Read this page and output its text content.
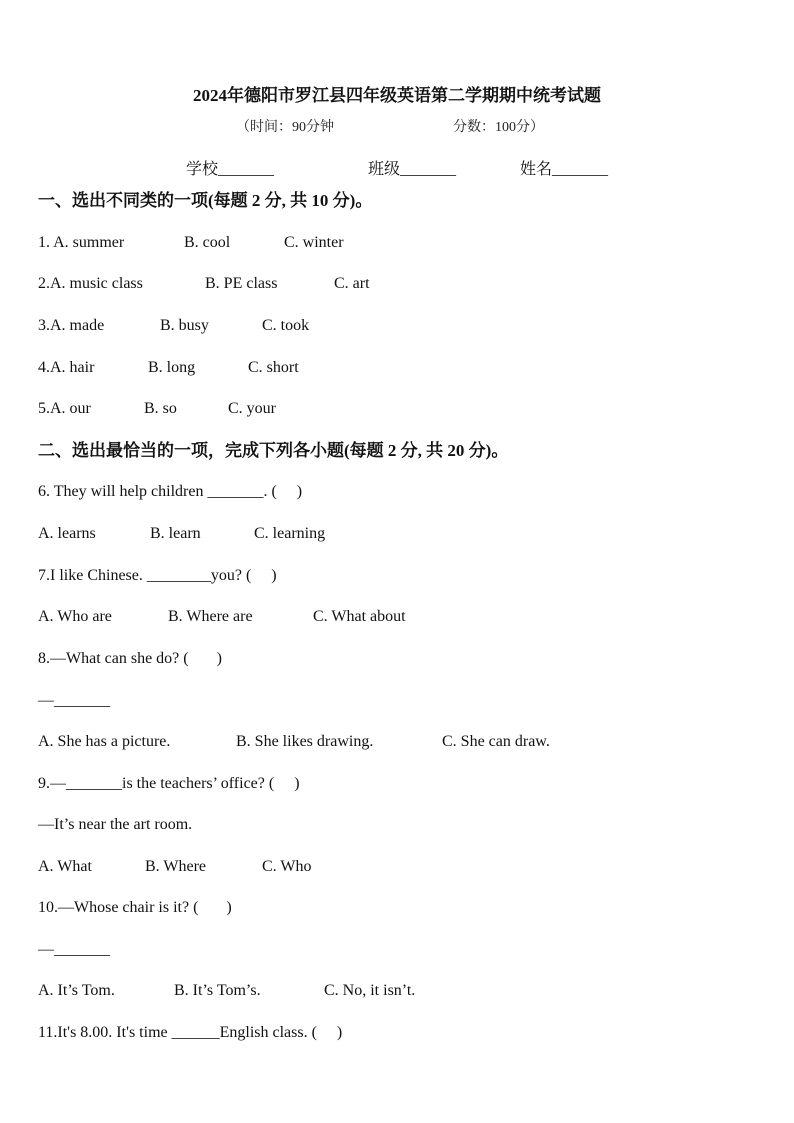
2024年德阳市罗江县四年级英语第二学期期中统考试题
（时间：90分钟	分数：100分）
学校_______	班级_______	姓名_______
一、选出不同类的一项(每题 2 分, 共 10 分)。
1. A. summer	B. cool	C. winter
2.A. music class	B. PE class	C. art
3.A. made	B. busy	C. took
4.A. hair	B. long	C. short
5.A. our	B. so	C. your
二、选出最恰当的一项，完成下列各小题(每题 2 分, 共 20 分)。
6. They will help children _______. (     )
A. learns	B. learn	C. learning
7.I like Chinese. ________you? (     )
A. Who are	B. Where are	C. What about
8.—What can she do? (       )
—_______
A. She has a picture.	B. She likes drawing.	C. She can draw.
9.—_______is the teachers’ office? (     )
—It’s near the art room.
A. What	B. Where	C. Who
10.—Whose chair is it? (       )
—_______
A. It’s Tom.	B. It’s Tom’s.	C. No, it isn’t.
11.It's 8.00. It's time ______English class. (     )
